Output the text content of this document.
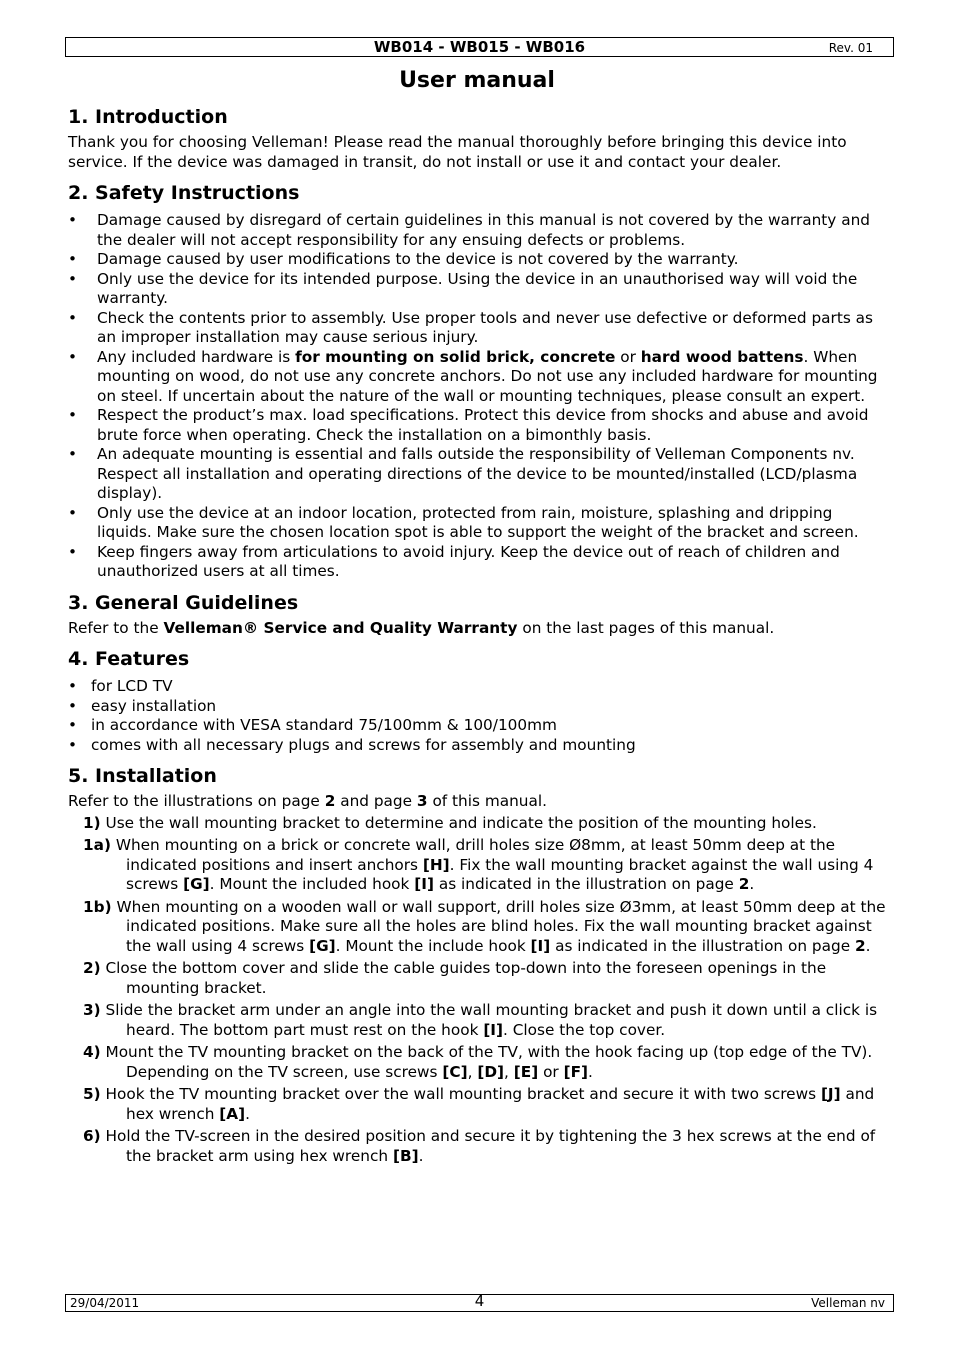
WB014 - WB015 - WB016	Rev. 01
User manual
1. Introduction

Thank you for choosing Velleman! Please read the manual thoroughly before bringing this device into service. If the device was damaged in transit, do not install or use it and contact your dealer.

2. Safety Instructions
• Damage caused by disregard of certain guidelines in this manual is not covered by the warranty and the dealer will not accept responsibility for any ensuing defects or problems.
• Damage caused by user modifications to the device is not covered by the warranty.
• Only use the device for its intended purpose. Using the device in an unauthorised way will void the warranty.
• Check the contents prior to assembly. Use proper tools and never use defective or deformed parts as an improper installation may cause serious injury.
• Any included hardware is for mounting on solid brick, concrete or hard wood battens. When mounting on wood, do not use any concrete anchors. Do not use any included hardware for mounting on steel. If uncertain about the nature of the wall or mounting techniques, please consult an expert.
• Respect the product’s max. load specifications. Protect this device from shocks and abuse and avoid brute force when operating. Check the installation on a bimonthly basis.
• An adequate mounting is essential and falls outside the responsibility of Velleman Components nv. Respect all installation and operating directions of the device to be mounted/installed (LCD/plasma display).
• Only use the device at an indoor location, protected from rain, moisture, splashing and dripping liquids. Make sure the chosen location spot is able to support the weight of the bracket and screen.
• Keep fingers away from articulations to avoid injury. Keep the device out of reach of children and unauthorized users at all times.
3. General Guidelines

Refer to the Velleman® Service and Quality Warranty on the last pages of this manual.

4. Features
• for LCD TV
• easy installation
• in accordance with VESA standard 75/100mm & 100/100mm
• comes with all necessary plugs and screws for assembly and mounting
5. Installation

Refer to the illustrations on page 2 and page 3 of this manual.

1) Use the wall mounting bracket to determine and indicate the position of the mounting holes.
1a) When mounting on a brick or concrete wall, drill holes size Ø8mm, at least 50mm deep at the indicated positions and insert anchors [H]. Fix the wall mounting bracket against the wall using 4 screws [G]. Mount the included hook [I] as indicated in the illustration on page 2.
1b) When mounting on a wooden wall or wall support, drill holes size Ø3mm, at least 50mm deep at the indicated positions. Make sure all the holes are blind holes. Fix the wall mounting bracket against the wall using 4 screws [G]. Mount the include hook [I] as indicated in the illustration on page 2.
2) Close the bottom cover and slide the cable guides top-down into the foreseen openings in the mounting bracket.
3) Slide the bracket arm under an angle into the wall mounting bracket and push it down until a click is heard. The bottom part must rest on the hook [I]. Close the top cover.
4) Mount the TV mounting bracket on the back of the TV, with the hook facing up (top edge of the TV). Depending on the TV screen, use screws [C], [D], [E] or [F].
5) Hook the TV mounting bracket over the wall mounting bracket and secure it with two screws [J] and hex wrench [A].
6) Hold the TV-screen in the desired position and secure it by tightening the 3 hex screws at the end of the bracket arm using hex wrench [B].
29/04/2011	4	Velleman nv
